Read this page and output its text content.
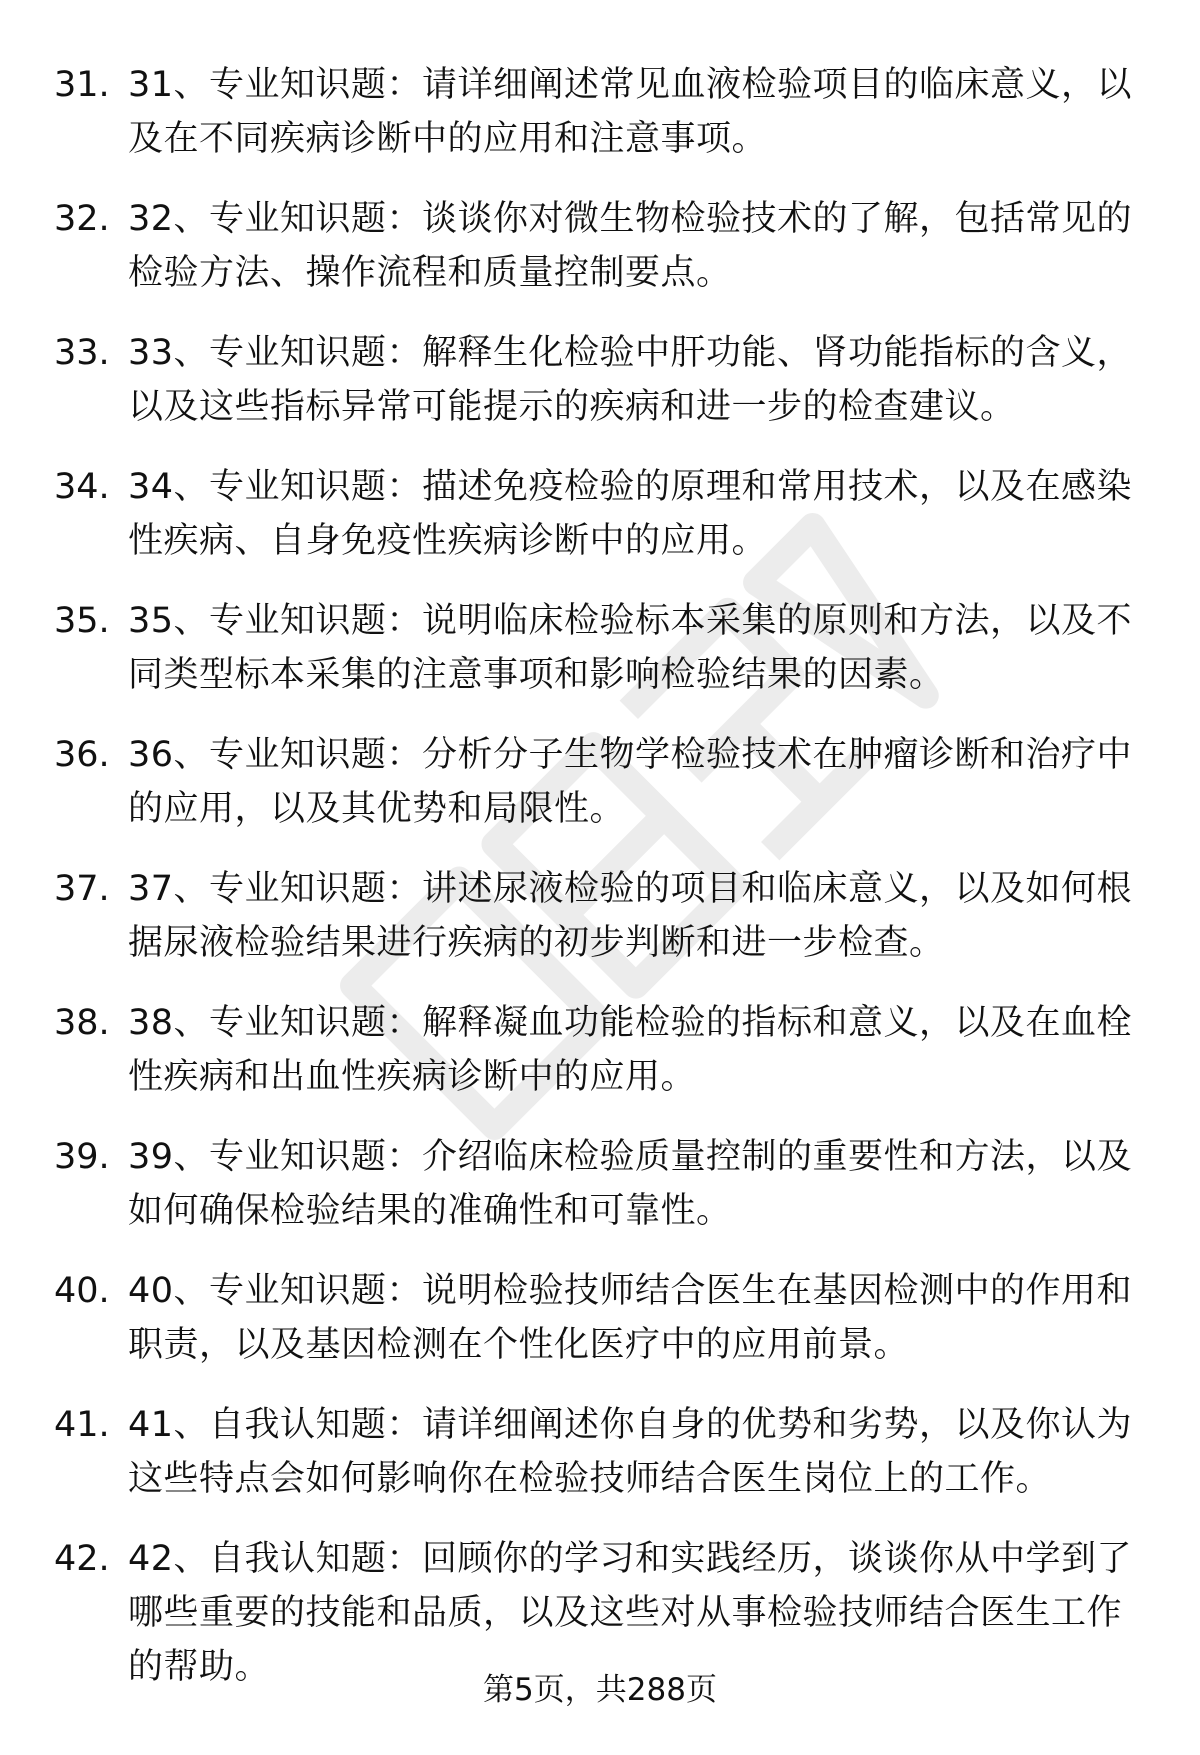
31. 31、专业知识题：请详细阐述常见血液检验项目的临床意义，以及在不同疾病诊断中的应用和注意事项。
32. 32、专业知识题：谈谈你对微生物检验技术的了解，包括常见的检验方法、操作流程和质量控制要点。
33. 33、专业知识题：解释生化检验中肝功能、肾功能指标的含义，以及这些指标异常可能提示的疾病和进一步的检查建议。
34. 34、专业知识题：描述免疫检验的原理和常用技术，以及在感染性疾病、自身免疫性疾病诊断中的应用。
35. 35、专业知识题：说明临床检验标本采集的原则和方法，以及不同类型标本采集的注意事项和影响检验结果的因素。
36. 36、专业知识题：分析分子生物学检验技术在肿瘤诊断和治疗中的应用，以及其优势和局限性。
37. 37、专业知识题：讲述尿液检验的项目和临床意义，以及如何根据尿液检验结果进行疾病的初步判断和进一步检查。
38. 38、专业知识题：解释凝血功能检验的指标和意义，以及在血栓性疾病和出血性疾病诊断中的应用。
39. 39、专业知识题：介绍临床检验质量控制的重要性和方法，以及如何确保检验结果的准确性和可靠性。
40. 40、专业知识题：说明检验技师结合医生在基因检测中的作用和职责，以及基因检测在个性化医疗中的应用前景。
41. 41、自我认知题：请详细阐述你自身的优势和劣势，以及你认为这些特点会如何影响你在检验技师结合医生岗位上的工作。
42. 42、自我认知题：回顾你的学习和实践经历，谈谈你从中学到了哪些重要的技能和品质，以及这些对从事检验技师结合医生工作的帮助。
第5页，共288页
